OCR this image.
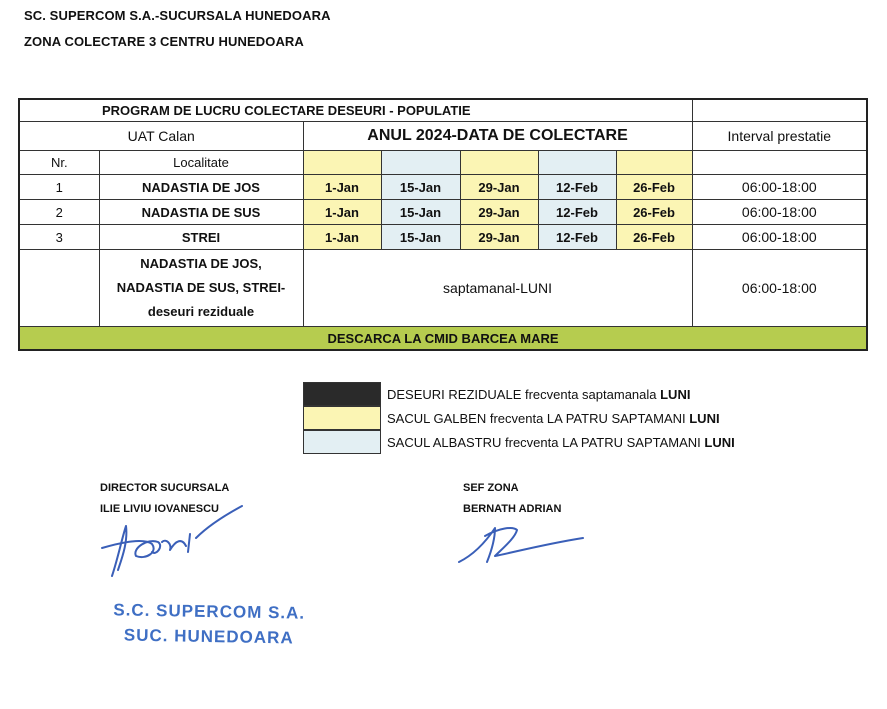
SC. SUPERCOM S.A.-SUCURSALA HUNEDOARA
ZONA COLECTARE 3 CENTRU HUNEDOARA
PROGRAM DE LUCRU COLECTARE DESEURI - POPULATIE							
UAT Calan		ANUL 2024-DATA DE COLECTARE					Interval prestatie
Nr.	Localitate						
1	NADASTIA DE JOS	1-Jan	15-Jan	29-Jan	12-Feb	26-Feb	06:00-18:00
2	NADASTIA DE SUS	1-Jan	15-Jan	29-Jan	12-Feb	26-Feb	06:00-18:00
3	STREI	1-Jan	15-Jan	29-Jan	12-Feb	26-Feb	06:00-18:00

	NADASTIA DE JOS,
NADASTIA DE SUS, STREI-
deseuri reziduale	saptamanal-LUNI					06:00-18:00
DESCARCA LA CMID BARCEA MARE							
DESEURI REZIDUALE frecventa saptamanala LUNI
SACUL GALBEN frecventa LA PATRU SAPTAMANI LUNI
SACUL ALBASTRU frecventa LA PATRU SAPTAMANI LUNI
DIRECTOR SUCURSALA
ILIE LIVIU IOVANESCU
SEF ZONA
BERNATH ADRIAN
S.C. SUPERCOM S.A.
SUC. HUNEDOARA
